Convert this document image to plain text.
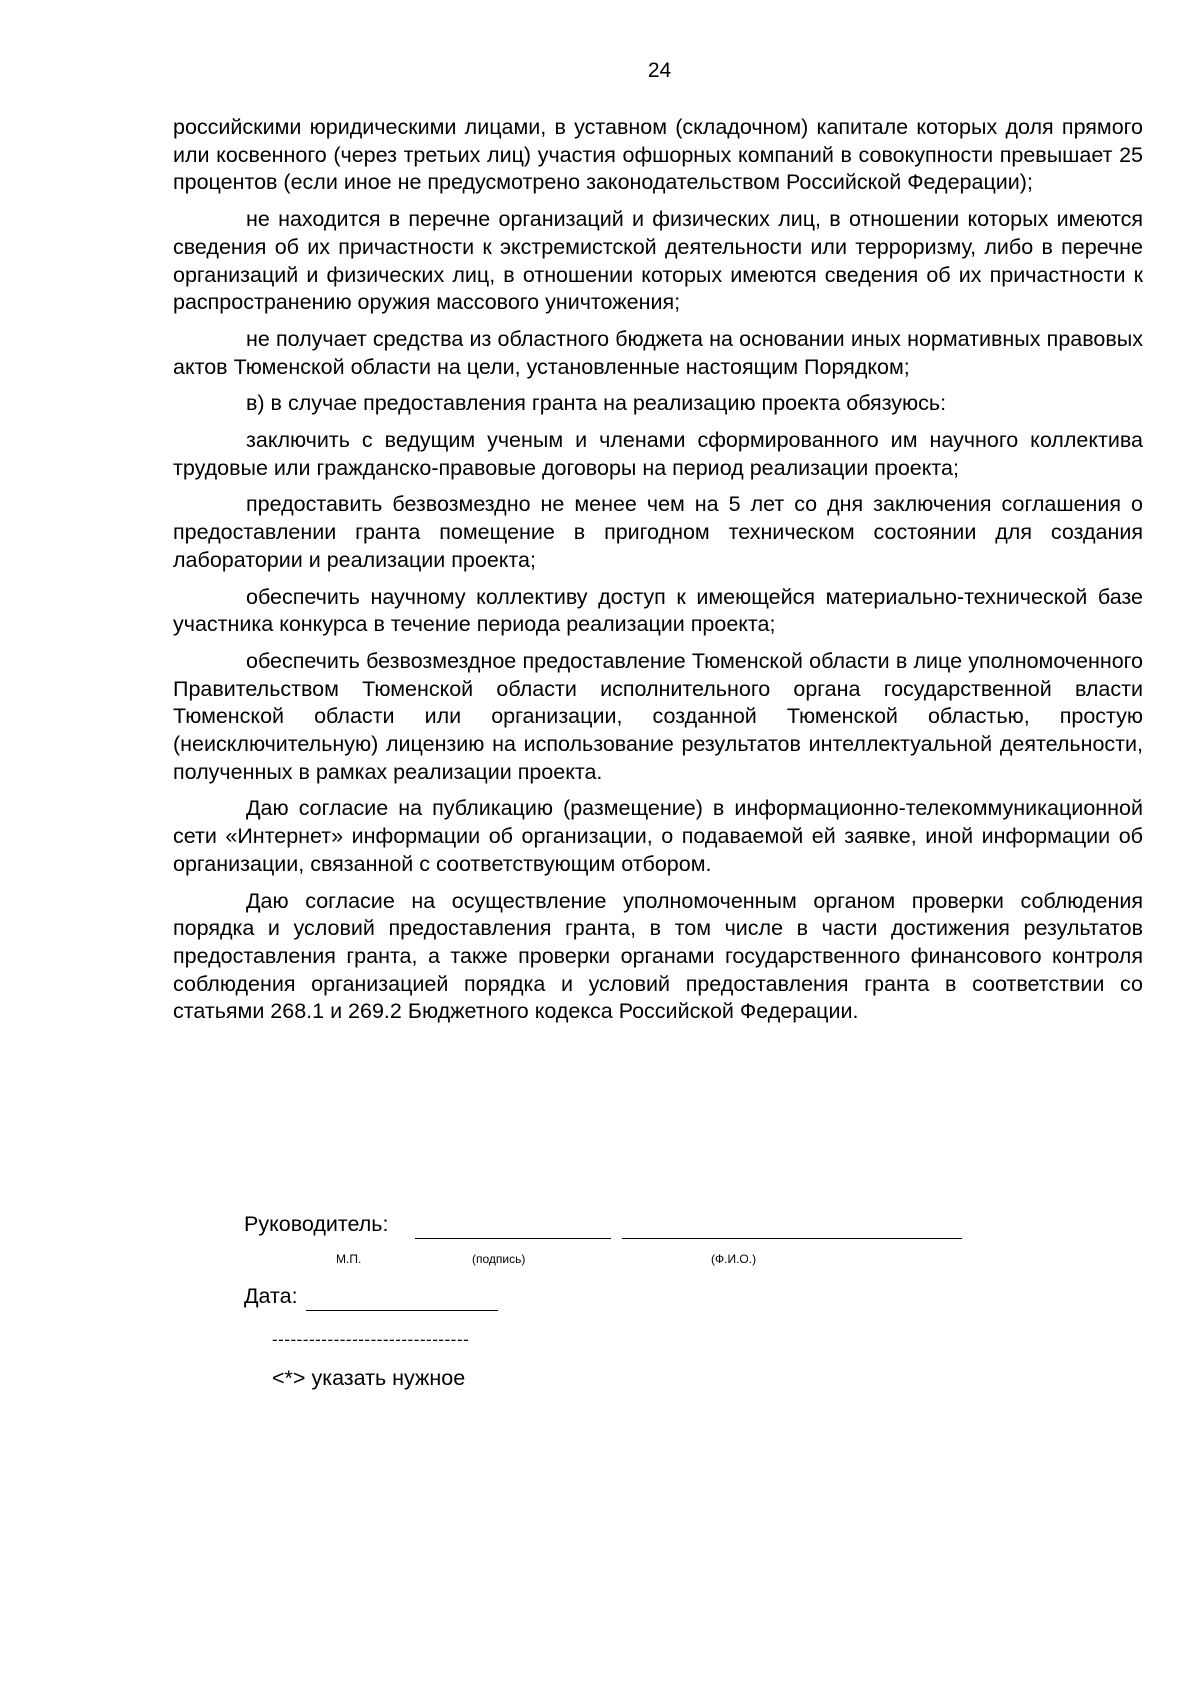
24

российскими юридическими лицами, в уставном (складочном) капитале которых доля прямого или косвенного (через третьих лиц) участия офшорных компаний в совокупности превышает 25 процентов (если иное не предусмотрено законодательством Российской Федерации);

не находится в перечне организаций и физических лиц, в отношении которых имеются сведения об их причастности к экстремистской деятельности или терроризму, либо в перечне организаций и физических лиц, в отношении которых имеются сведения об их причастности к распространению оружия массового уничтожения;

не получает средства из областного бюджета на основании иных нормативных правовых актов Тюменской области на цели, установленные настоящим Порядком;

в) в случае предоставления гранта на реализацию проекта обязуюсь:

заключить с ведущим ученым и членами сформированного им научного коллектива трудовые или гражданско-правовые договоры на период реализации проекта;

предоставить безвозмездно не менее чем на 5 лет со дня заключения соглашения о предоставлении гранта помещение в пригодном техническом состоянии для создания лаборатории и реализации проекта;

обеспечить научному коллективу доступ к имеющейся материально-технической базе участника конкурса в течение периода реализации проекта;

обеспечить безвозмездное предоставление Тюменской области в лице уполномоченного Правительством Тюменской области исполнительного органа государственной власти Тюменской области или организации, созданной Тюменской областью, простую (неисключительную) лицензию на использование результатов интеллектуальной деятельности, полученных в рамках реализации проекта.

Даю согласие на публикацию (размещение) в информационно-телекоммуникационной сети «Интернет» информации об организации, о подаваемой ей заявке, иной информации об организации, связанной с соответствующим отбором.

Даю согласие на осуществление уполномоченным органом проверки соблюдения порядка и условий предоставления гранта, в том числе в части достижения результатов предоставления гранта, а также проверки органами государственного финансового контроля соблюдения организацией порядка и условий предоставления гранта в соответствии со статьями 268.1 и 269.2 Бюджетного кодекса Российской Федерации.

Руководитель:
М.П.	(подпись)	(Ф.И.О.)
Дата:
--------------------------------
<*> указать нужное
